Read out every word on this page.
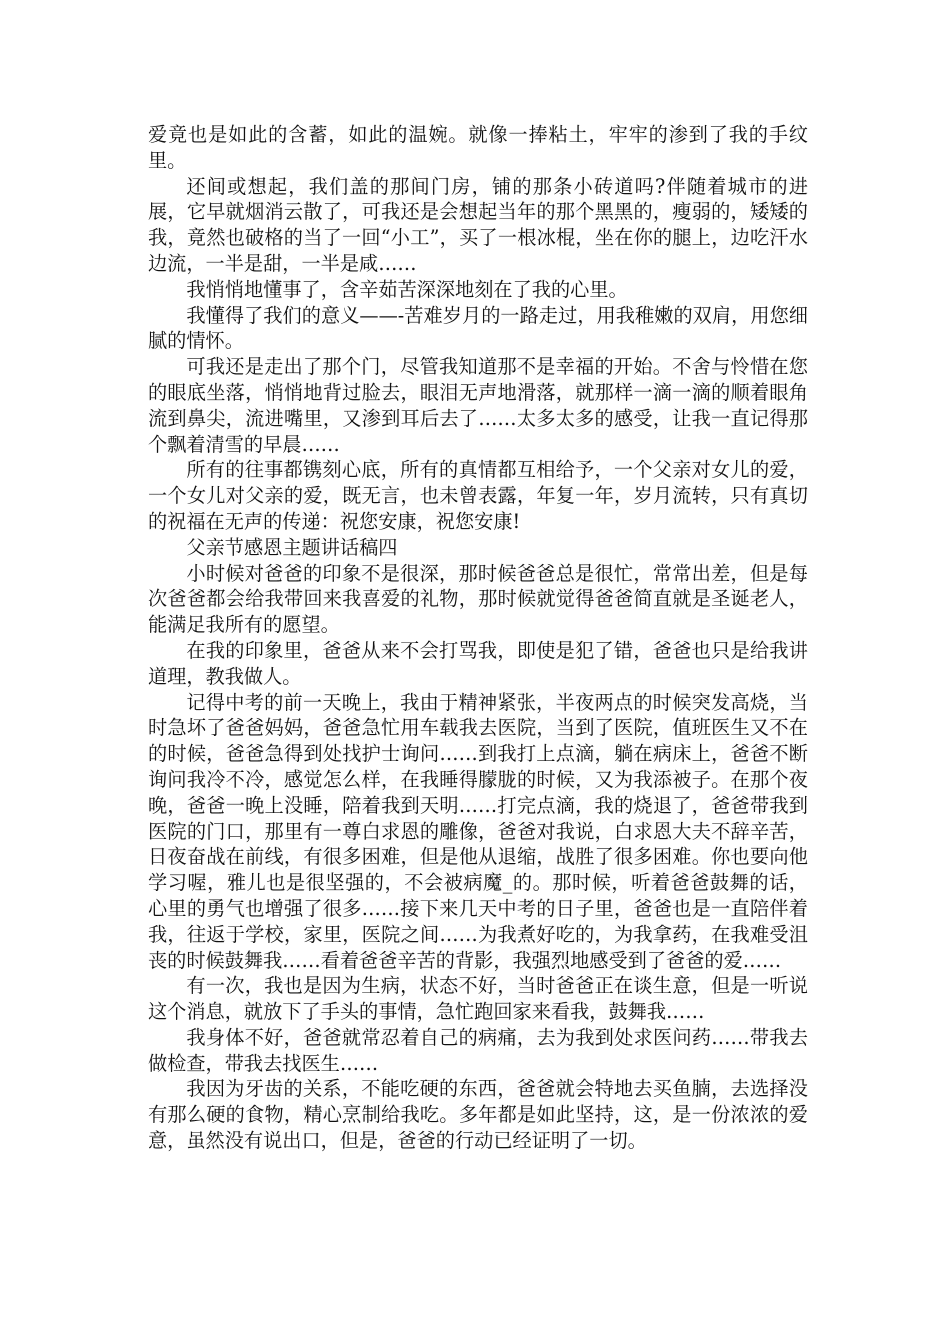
爱竟也是如此的含蓄，如此的温婉。就像一捧粘土，牢牢的渗到了我的手纹里。

还间或想起，我们盖的那间门房，铺的那条小砖道吗?伴随着城市的进展，它早就烟消云散了，可我还是会想起当年的那个黑黑的，瘦弱的，矮矮的我，竟然也破格的当了一回“小工”，买了一根冰棍，坐在你的腿上，边吃汗水边流，一半是甜，一半是咸……

我悄悄地懂事了，含辛茹苦深深地刻在了我的心里。

我懂得了我们的意义——-苦难岁月的一路走过，用我稚嫩的双肩，用您细腻的情怀。

可我还是走出了那个门，尽管我知道那不是幸福的开始。不舍与怜惜在您的眼底坐落，悄悄地背过脸去，眼泪无声地滑落，就那样一滴一滴的顺着眼角流到鼻尖，流进嘴里，又渗到耳后去了……太多太多的感受，让我一直记得那个飘着清雪的早晨……

所有的往事都镌刻心底，所有的真情都互相给予，一个父亲对女儿的爱，一个女儿对父亲的爱，既无言，也未曾表露，年复一年，岁月流转，只有真切的祝福在无声的传递：祝您安康，祝您安康!

父亲节感恩主题讲话稿四

小时候对爸爸的印象不是很深，那时候爸爸总是很忙，常常出差，但是每次爸爸都会给我带回来我喜爱的礼物，那时候就觉得爸爸简直就是圣诞老人，能满足我所有的愿望。

在我的印象里，爸爸从来不会打骂我，即使是犯了错，爸爸也只是给我讲道理，教我做人。

记得中考的前一天晚上，我由于精神紧张，半夜两点的时候突发高烧，当时急坏了爸爸妈妈，爸爸急忙用车载我去医院，当到了医院，值班医生又不在的时候，爸爸急得到处找护士询问……到我打上点滴，躺在病床上，爸爸不断询问我冷不冷，感觉怎么样，在我睡得朦胧的时候，又为我添被子。在那个夜晚，爸爸一晚上没睡，陪着我到天明……打完点滴，我的烧退了，爸爸带我到医院的门口，那里有一尊白求恩的雕像，爸爸对我说，白求恩大夫不辞辛苦，日夜奋战在前线，有很多困难，但是他从退缩，战胜了很多困难。你也要向他学习喔，雅儿也是很坚强的，不会被病魔_的。那时候，听着爸爸鼓舞的话，心里的勇气也增强了很多……接下来几天中考的日子里，爸爸也是一直陪伴着我，往返于学校，家里，医院之间……为我煮好吃的，为我拿药，在我难受沮丧的时候鼓舞我……看着爸爸辛苦的背影，我强烈地感受到了爸爸的爱……

有一次，我也是因为生病，状态不好，当时爸爸正在谈生意，但是一听说这个消息，就放下了手头的事情，急忙跑回家来看我，鼓舞我……

我身体不好，爸爸就常忍着自己的病痛，去为我到处求医问药……带我去做检查，带我去找医生……

我因为牙齿的关系，不能吃硬的东西，爸爸就会特地去买鱼腩，去选择没有那么硬的食物，精心烹制给我吃。多年都是如此坚持，这，是一份浓浓的爱意，虽然没有说出口，但是，爸爸的行动已经证明了一切。
